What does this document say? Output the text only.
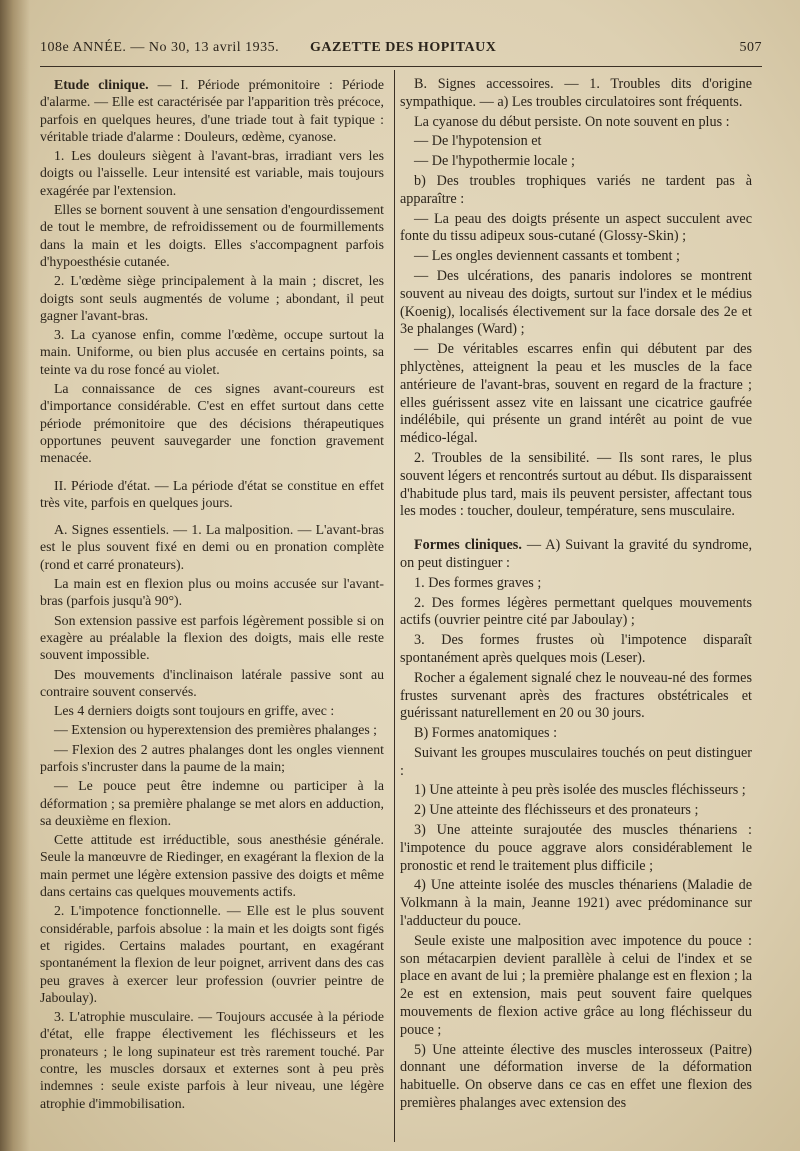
108e ANNÉE. — No 30, 13 avril 1935. GAZETTE DES HOPITAUX	507

Etude clinique. — I. Période prémonitoire : Période d'alarme. — Elle est caractérisée par l'apparition très précoce, parfois en quelques heures, d'une triade tout à fait typique : véritable triade d'alarme : Douleurs, œdème, cyanose.

1. Les douleurs siègent à l'avant-bras, irradiant vers les doigts ou l'aisselle. Leur intensité est variable, mais toujours exagérée par l'extension.

Elles se bornent souvent à une sensation d'engourdissement de tout le membre, de refroidissement ou de fourmillements dans la main et les doigts. Elles s'accompagnent parfois d'hypoesthésie cutanée.

2. L'œdème siège principalement à la main ; discret, les doigts sont seuls augmentés de volume ; abondant, il peut gagner l'avant-bras.

3. La cyanose enfin, comme l'œdème, occupe surtout la main. Uniforme, ou bien plus accusée en certains points, sa teinte va du rose foncé au violet.

La connaissance de ces signes avant-coureurs est d'importance considérable. C'est en effet surtout dans cette période prémonitoire que des décisions thérapeutiques opportunes peuvent sauvegarder une fonction gravement menacée.

II. Période d'état. — La période d'état se constitue en effet très vite, parfois en quelques jours.

A. Signes essentiels. — 1. La malposition. — L'avant-bras est le plus souvent fixé en demi ou en pronation complète (rond et carré pronateurs).

La main est en flexion plus ou moins accusée sur l'avant-bras (parfois jusqu'à 90°).

Son extension passive est parfois légèrement possible si on exagère au préalable la flexion des doigts, mais elle reste souvent impossible.

Des mouvements d'inclinaison latérale passive sont au contraire souvent conservés.

Les 4 derniers doigts sont toujours en griffe, avec :

— Extension ou hyperextension des premières phalanges ;

— Flexion des 2 autres phalanges dont les ongles viennent parfois s'incruster dans la paume de la main;

— Le pouce peut être indemne ou participer à la déformation ; sa première phalange se met alors en adduction, sa deuxième en flexion.

Cette attitude est irréductible, sous anesthésie générale. Seule la manœuvre de Riedinger, en exagérant la flexion de la main permet une légère extension passive des doigts et même dans certains cas quelques mouvements actifs.

2. L'impotence fonctionnelle. — Elle est le plus souvent considérable, parfois absolue : la main et les doigts sont figés et rigides. Certains malades pourtant, en exagérant spontanément la flexion de leur poignet, arrivent dans des cas peu graves à exercer leur profession (ouvrier peintre de Jaboulay).

3. L'atrophie musculaire. — Toujours accusée à la période d'état, elle frappe électivement les fléchisseurs et les pronateurs ; le long supinateur est très rarement touché. Par contre, les muscles dorsaux et externes sont à peu près indemnes : seule existe parfois à leur niveau, une légère atrophie d'immobilisation.

B. Signes accessoires. — 1. Troubles dits d'origine sympathique. — a) Les troubles circulatoires sont fréquents.

La cyanose du début persiste. On note souvent en plus :

— De l'hypotension et

— De l'hypothermie locale ;

b) Des troubles trophiques variés ne tardent pas à apparaître :

— La peau des doigts présente un aspect succulent avec fonte du tissu adipeux sous-cutané (Glossy-Skin) ;

— Les ongles deviennent cassants et tombent ;

— Des ulcérations, des panaris indolores se montrent souvent au niveau des doigts, surtout sur l'index et le médius (Koenig), localisés électivement sur la face dorsale des 2e et 3e phalanges (Ward) ;

— De véritables escarres enfin qui débutent par des phlyctènes, atteignent la peau et les muscles de la face antérieure de l'avant-bras, souvent en regard de la fracture ; elles guérissent assez vite en laissant une cicatrice gaufrée indélébile, qui présente un grand intérêt au point de vue médico-légal.

2. Troubles de la sensibilité. — Ils sont rares, le plus souvent légers et rencontrés surtout au début. Ils disparaissent d'habitude plus tard, mais ils peuvent persister, affectant tous les modes : toucher, douleur, température, sens musculaire.

Formes cliniques. — A) Suivant la gravité du syndrome, on peut distinguer :

1. Des formes graves ;

2. Des formes légères permettant quelques mouvements actifs (ouvrier peintre cité par Jaboulay) ;

3. Des formes frustes où l'impotence disparaît spontanément après quelques mois (Leser).

Rocher a également signalé chez le nouveau-né des formes frustes survenant après des fractures obstétricales et guérissant naturellement en 20 ou 30 jours.

B) Formes anatomiques :

Suivant les groupes musculaires touchés on peut distinguer :

1) Une atteinte à peu près isolée des muscles fléchisseurs ;

2) Une atteinte des fléchisseurs et des pronateurs ;

3) Une atteinte surajoutée des muscles thénariens : l'impotence du pouce aggrave alors considérablement le pronostic et rend le traitement plus difficile ;

4) Une atteinte isolée des muscles thénariens (Maladie de Volkmann à la main, Jeanne 1921) avec prédominance sur l'adducteur du pouce.

Seule existe une malposition avec impotence du pouce : son métacarpien devient parallèle à celui de l'index et se place en avant de lui ; la première phalange est en flexion ; la 2e est en extension, mais peut souvent faire quelques mouvements de flexion active grâce au long fléchisseur du pouce ;

5) Une atteinte élective des muscles interosseux (Paitre) donnant une déformation inverse de la déformation habituelle. On observe dans ce cas en effet une flexion des premières phalanges avec extension des
